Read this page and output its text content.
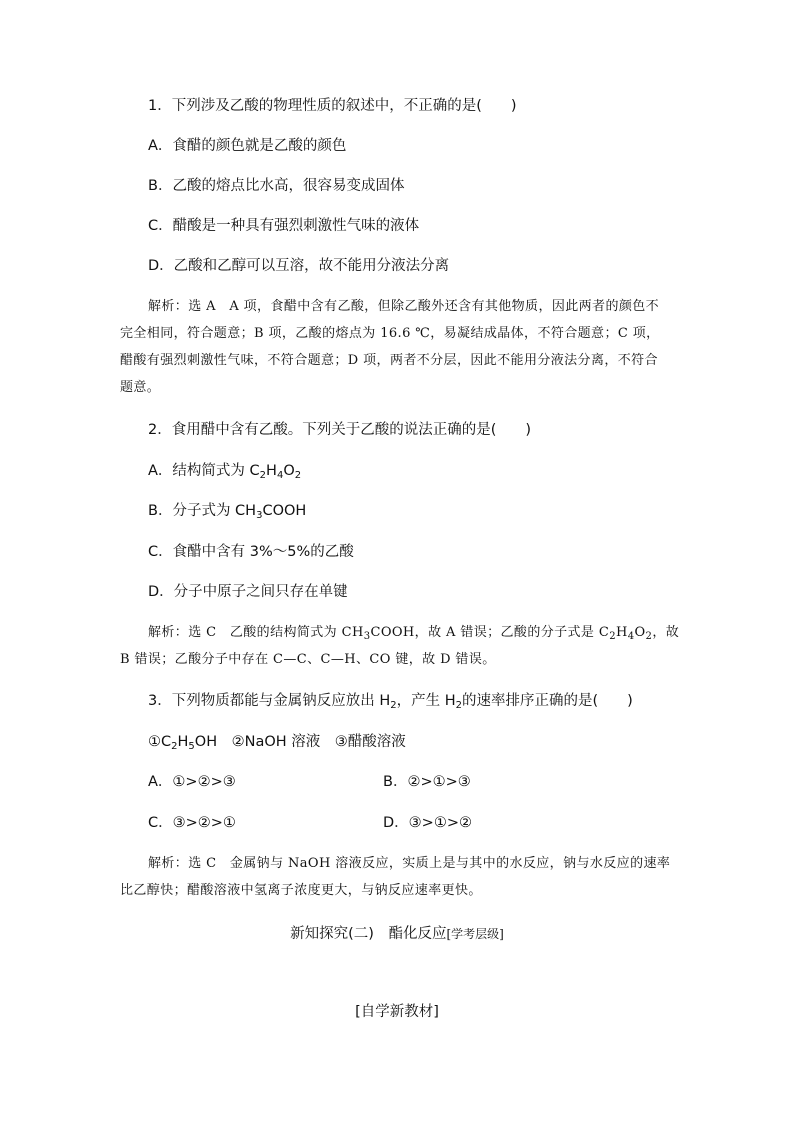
1．下列涉及乙酸的物理性质的叙述中，不正确的是(　　)
A．食醋的颜色就是乙酸的颜色
B．乙酸的熔点比水高，很容易变成固体
C．醋酸是一种具有强烈刺激性气味的液体
D．乙酸和乙醇可以互溶，故不能用分液法分离
解析：选 A　A 项，食醋中含有乙酸，但除乙酸外还含有其他物质，因此两者的颜色不
完全相同，符合题意；B 项，乙酸的熔点为 16.6 ℃，易凝结成晶体，不符合题意；C 项，
醋酸有强烈刺激性气味，不符合题意；D 项，两者不分层，因此不能用分液法分离，不符合
题意。
2．食用醋中含有乙酸。下列关于乙酸的说法正确的是(　　)
A．结构简式为 $C_2H_4O_2$
B．分子式为 $CH_3COOH$
C．食醋中含有 3%～5%的乙酸
D．分子中原子之间只存在单键
解析：选 C　乙酸的结构简式为 $CH_3COOH$，故 A 错误；乙酸的分子式是 $C_2H_4O_2$，故
B 错误；乙酸分子中存在 C—C、C—H、CO 键，故 D 错误。
3．下列物质都能与金属钠反应放出 $H_2$，产生 $H_2$的速率排序正确的是(　　)
$①C_2H_5OH$　②NaOH 溶液　③醋酸溶液
A．①>②>③	B．②>①>③
C．③>②>①	D．③>①>②
解析：选 C　金属钠与 NaOH 溶液反应，实质上是与其中的水反应，钠与水反应的速率
比乙醇快；醋酸溶液中氢离子浓度更大，与钠反应速率更快。
新知探究(二)　酯化反应[学考层级]
[自学新教材]
